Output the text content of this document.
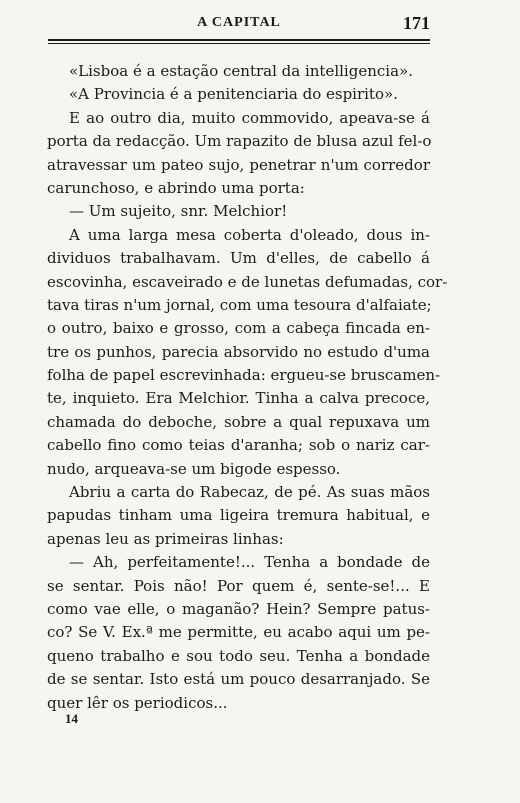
A CAPITAL	171
«Lisboa é a estação central da intelligencia».
«A Provincia é a penitenciaria do espirito».
E ao outro dia, muito commovido, apeava-se á
porta da redacção. Um rapazito de blusa azul fel-o
atravessar um pateo sujo, penetrar n'um corredor
carunchoso, e abrindo uma porta:
— Um sujeito, snr. Melchior!
A uma larga mesa coberta d'oleado, dous in-
dividuos trabalhavam. Um d'elles, de cabello á
escovinha, escaveirado e de lunetas defumadas, cor-
tava tiras n'um jornal, com uma tesoura d'alfaiate;
o outro, baixo e grosso, com a cabeça fincada en-
tre os punhos, parecia absorvido no estudo d'uma
folha de papel escrevinhada: ergueu-se bruscamen-
te, inquieto. Era Melchior. Tinha a calva precoce,
chamada do deboche, sobre a qual repuxava um
cabello fino como teias d'aranha; sob o nariz car-
nudo, arqueava-se um bigode espesso.
Abriu a carta do Rabecaz, de pé. As suas mãos
papudas tinham uma ligeira tremura habitual, e
apenas leu as primeiras linhas:
— Ah, perfeitamente!... Tenha a bondade de
se sentar. Pois não! Por quem é, sente-se!... E
como vae elle, o maganão? Hein? Sempre patus-
co? Se V. Ex.ª me permitte, eu acabo aqui um pe-
queno trabalho e sou todo seu. Tenha a bondade
de se sentar. Isto está um pouco desarranjado. Se
quer lêr os periodicos...
14
